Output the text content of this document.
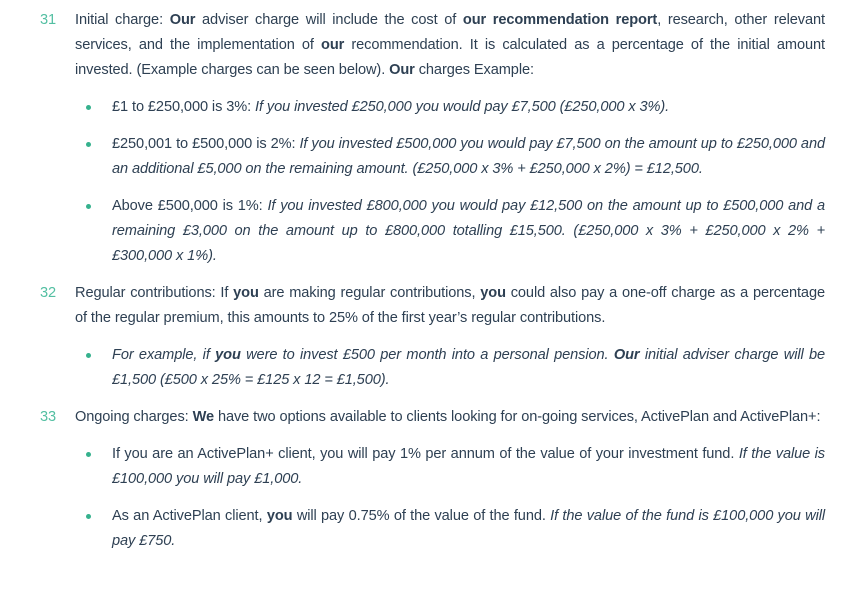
31	Initial charge: Our adviser charge will include the cost of our recommendation report, research, other relevant services, and the implementation of our recommendation. It is calculated as a percentage of the initial amount invested. (Example charges can be seen below). Our charges Example:
£1 to £250,000 is 3%: If you invested £250,000 you would pay £7,500 (£250,000 x 3%).
£250,001 to £500,000 is 2%: If you invested £500,000 you would pay £7,500 on the amount up to £250,000 and an additional £5,000 on the remaining amount. (£250,000 x 3% + £250,000 x 2%) = £12,500.
Above £500,000 is 1%: If you invested £800,000 you would pay £12,500 on the amount up to £500,000 and a remaining £3,000 on the amount up to £800,000 totalling £15,500. (£250,000 x 3% + £250,000 x 2% + £300,000 x 1%).
32	Regular contributions: If you are making regular contributions, you could also pay a one-off charge as a percentage of the regular premium, this amounts to 25% of the first year’s regular contributions.
For example, if you were to invest £500 per month into a personal pension. Our initial adviser charge will be £1,500 (£500 x 25% = £125 x 12 = £1,500).
33	Ongoing charges: We have two options available to clients looking for on-going services, ActivePlan and ActivePlan+:
If you are an ActivePlan+ client, you will pay 1% per annum of the value of your investment fund. If the value is £100,000 you will pay £1,000.
As an ActivePlan client, you will pay 0.75% of the value of the fund. If the value of the fund is £100,000 you will pay £750.
